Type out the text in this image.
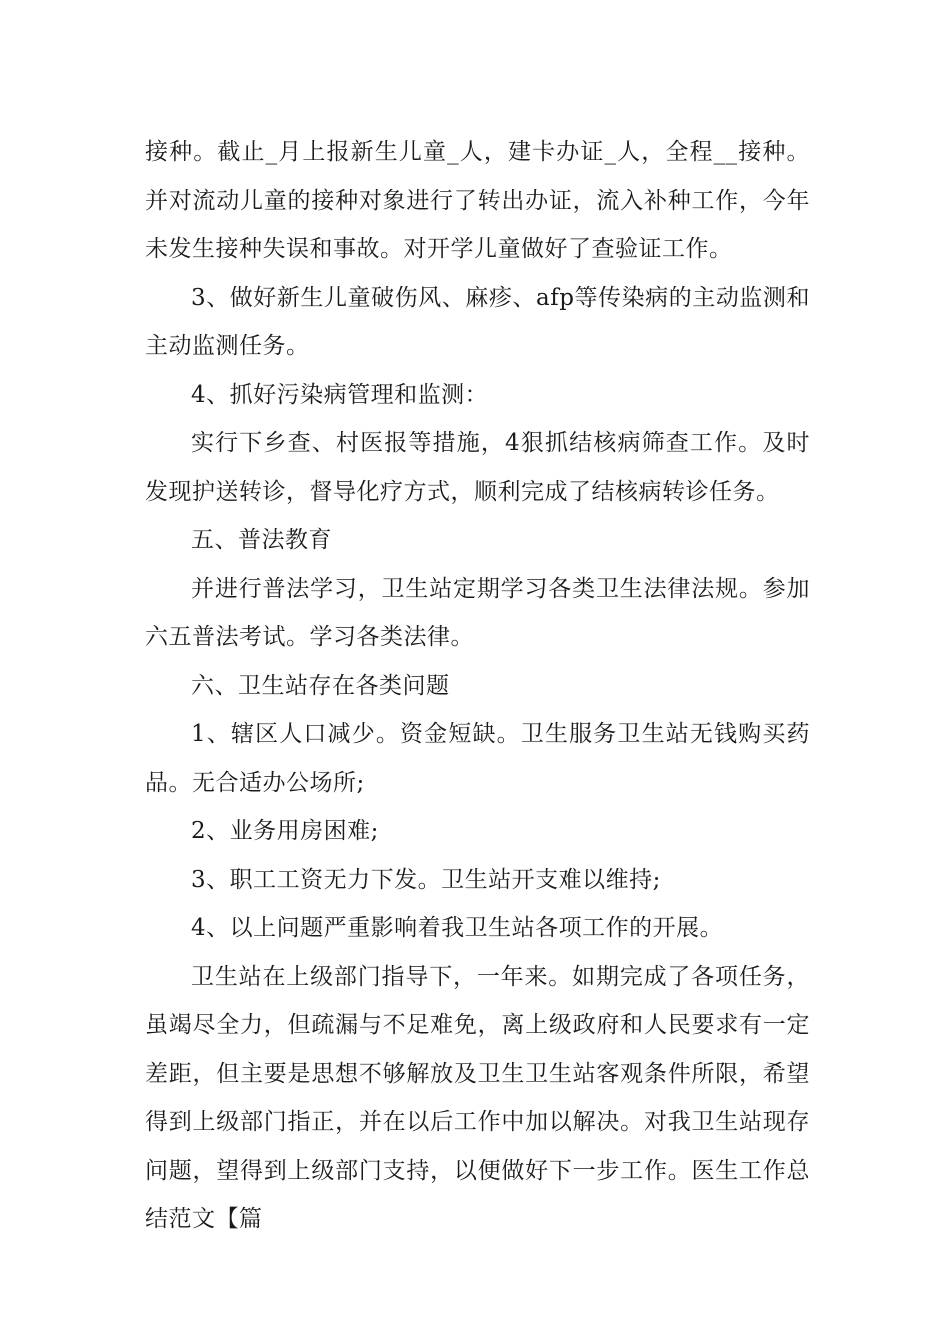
接种。截止_月上报新生儿童_人，建卡办证_人，全程__接种。并对流动儿童的接种对象进行了转出办证，流入补种工作，今年未发生接种失误和事故。对开学儿童做好了查验证工作。

3、做好新生儿童破伤风、麻疹、afp等传染病的主动监测和主动监测任务。

4、抓好污染病管理和监测：

实行下乡查、村医报等措施，4狠抓结核病筛查工作。及时发现护送转诊，督导化疗方式，顺利完成了结核病转诊任务。

五、普法教育

并进行普法学习，卫生站定期学习各类卫生法律法规。参加六五普法考试。学习各类法律。

六、卫生站存在各类问题

1、辖区人口减少。资金短缺。卫生服务卫生站无钱购买药品。无合适办公场所;

2、业务用房困难;

3、职工工资无力下发。卫生站开支难以维持;

4、以上问题严重影响着我卫生站各项工作的开展。

卫生站在上级部门指导下，一年来。如期完成了各项任务，虽竭尽全力，但疏漏与不足难免，离上级政府和人民要求有一定差距，但主要是思想不够解放及卫生卫生站客观条件所限，希望得到上级部门指正，并在以后工作中加以解决。对我卫生站现存问题，望得到上级部门支持，以便做好下一步工作。医生工作总结范文【篇
